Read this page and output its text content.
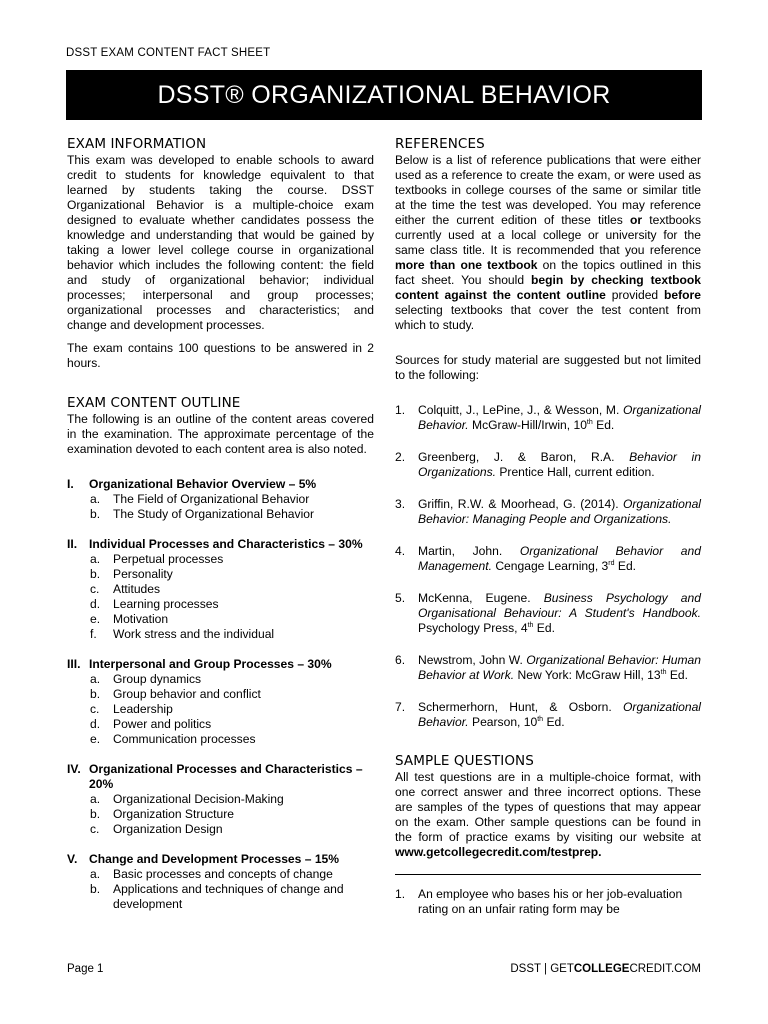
DSST EXAM CONTENT FACT SHEET
DSST® ORGANIZATIONAL BEHAVIOR
EXAM INFORMATION

This exam was developed to enable schools to award credit to students for knowledge equivalent to that learned by students taking the course. DSST Organizational Behavior is a multiple-choice exam designed to evaluate whether candidates possess the knowledge and understanding that would be gained by taking a lower level college course in organizational behavior which includes the following content: the field and study of organizational behavior; individual processes; interpersonal and group processes; organizational processes and characteristics; and change and development processes.

The exam contains 100 questions to be answered in 2 hours.

EXAM CONTENT OUTLINE

The following is an outline of the content areas covered in the examination. The approximate percentage of the examination devoted to each content area is also noted.

I.	Organizational Behavior Overview – 5%
a.	The Field of Organizational Behavior
b.	The Study of Organizational Behavior
II. Individual Processes and Characteristics – 30%
a.	Perpetual processes
b.	Personality
c.	Attitudes
d.	Learning processes
e.	Motivation
f.	Work stress and the individual
III. Interpersonal and Group Processes – 30%
a.	Group dynamics
b.	Group behavior and conflict
c.	Leadership
d.	Power and politics
e.	Communication processes
IV. Organizational Processes and Characteristics – 20%
a.	Organizational Decision-Making
b.	Organization Structure
c.	Organization Design
V. Change and Development Processes – 15%
a.	Basic processes and concepts of change
b.	Applications and techniques of change and development
REFERENCES

Below is a list of reference publications that were either used as a reference to create the exam, or were used as textbooks in college courses of the same or similar title at the time the test was developed. You may reference either the current edition of these titles or textbooks currently used at a local college or university for the same class title. It is recommended that you reference more than one textbook on the topics outlined in this fact sheet. You should begin by checking textbook content against the content outline provided before selecting textbooks that cover the test content from which to study.

Sources for study material are suggested but not limited to the following:

1.	Colquitt, J., LePine, J., & Wesson, M. Organizational Behavior. McGraw-Hill/Irwin, 10th Ed.
2.	Greenberg, J. & Baron, R.A. Behavior in Organizations. Prentice Hall, current edition.
3.	Griffin, R.W. & Moorhead, G. (2014). Organizational Behavior: Managing People and Organizations.
4.	Martin, John. Organizational Behavior and Management. Cengage Learning, 3rd Ed.
5.	McKenna, Eugene. Business Psychology and Organisational Behaviour: A Student's Handbook. Psychology Press, 4th Ed.
6.	Newstrom, John W. Organizational Behavior: Human Behavior at Work. New York: McGraw Hill, 13th Ed.
7.	Schermerhorn, Hunt, & Osborn. Organizational Behavior. Pearson, 10th Ed.
SAMPLE QUESTIONS

All test questions are in a multiple-choice format, with one correct answer and three incorrect options. These are samples of the types of questions that may appear on the exam. Other sample questions can be found in the form of practice exams by visiting our website at www.getcollegecredit.com/testprep.

1.	An employee who bases his or her job-evaluation rating on an unfair rating form may be
Page 1	DSST | GETCOLLEGECREDIT.COM
